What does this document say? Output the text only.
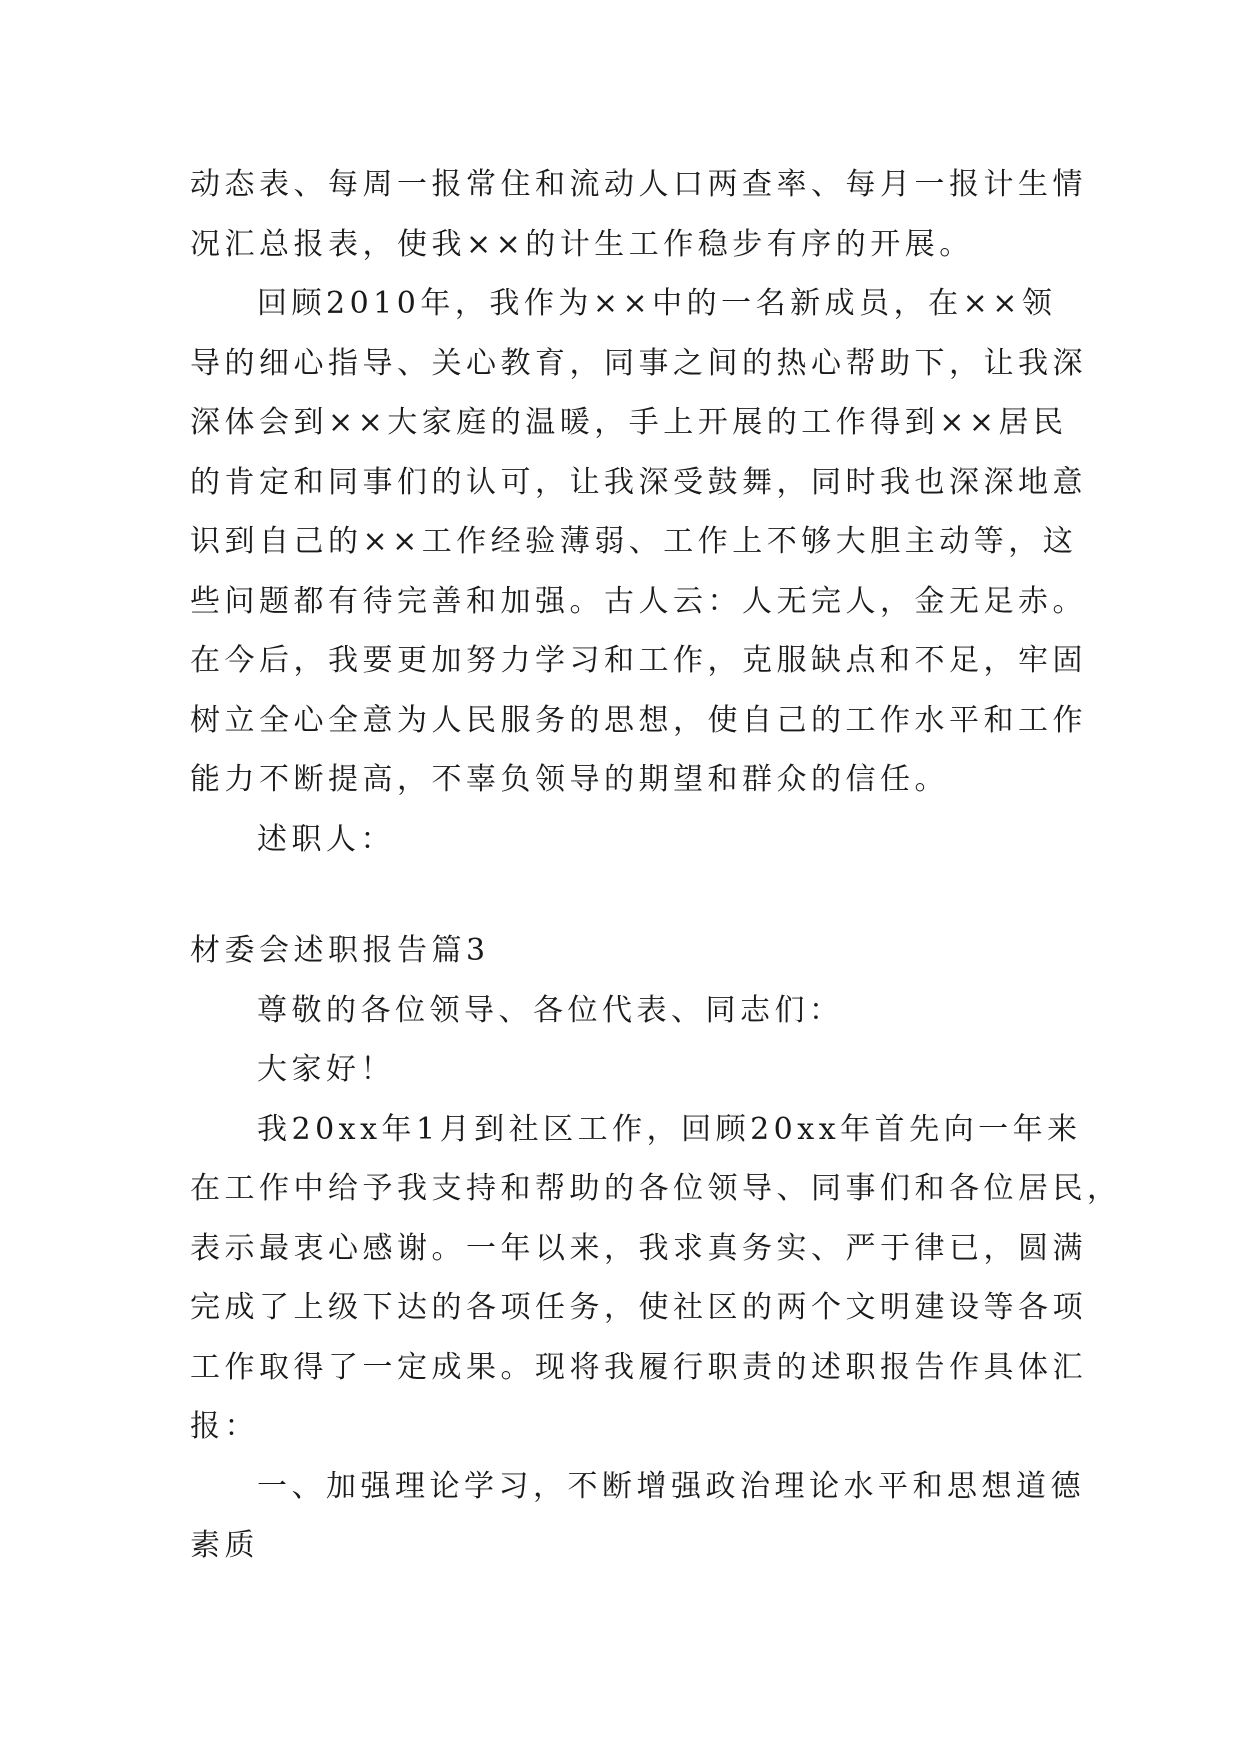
动态表、每周一报常住和流动人口两查率、每月一报计生情
况汇总报表，使我××的计生工作稳步有序的开展。
回顾2010年，我作为××中的一名新成员，在××领
导的细心指导、关心教育，同事之间的热心帮助下，让我深
深体会到××大家庭的温暖，手上开展的工作得到××居民
的肯定和同事们的认可，让我深受鼓舞，同时我也深深地意
识到自己的××工作经验薄弱、工作上不够大胆主动等，这
些问题都有待完善和加强。古人云：人无完人，金无足赤。
在今后，我要更加努力学习和工作，克服缺点和不足，牢固
树立全心全意为人民服务的思想，使自己的工作水平和工作
能力不断提高，不辜负领导的期望和群众的信任。
述职人：
材委会述职报告篇3
尊敬的各位领导、各位代表、同志们：
大家好！
我20xx年1月到社区工作，回顾20xx年首先向一年来
在工作中给予我支持和帮助的各位领导、同事们和各位居民，
表示最衷心感谢。一年以来，我求真务实、严于律已，圆满
完成了上级下达的各项任务，使社区的两个文明建设等各项
工作取得了一定成果。现将我履行职责的述职报告作具体汇
报：
一、加强理论学习，不断增强政治理论水平和思想道德
素质
